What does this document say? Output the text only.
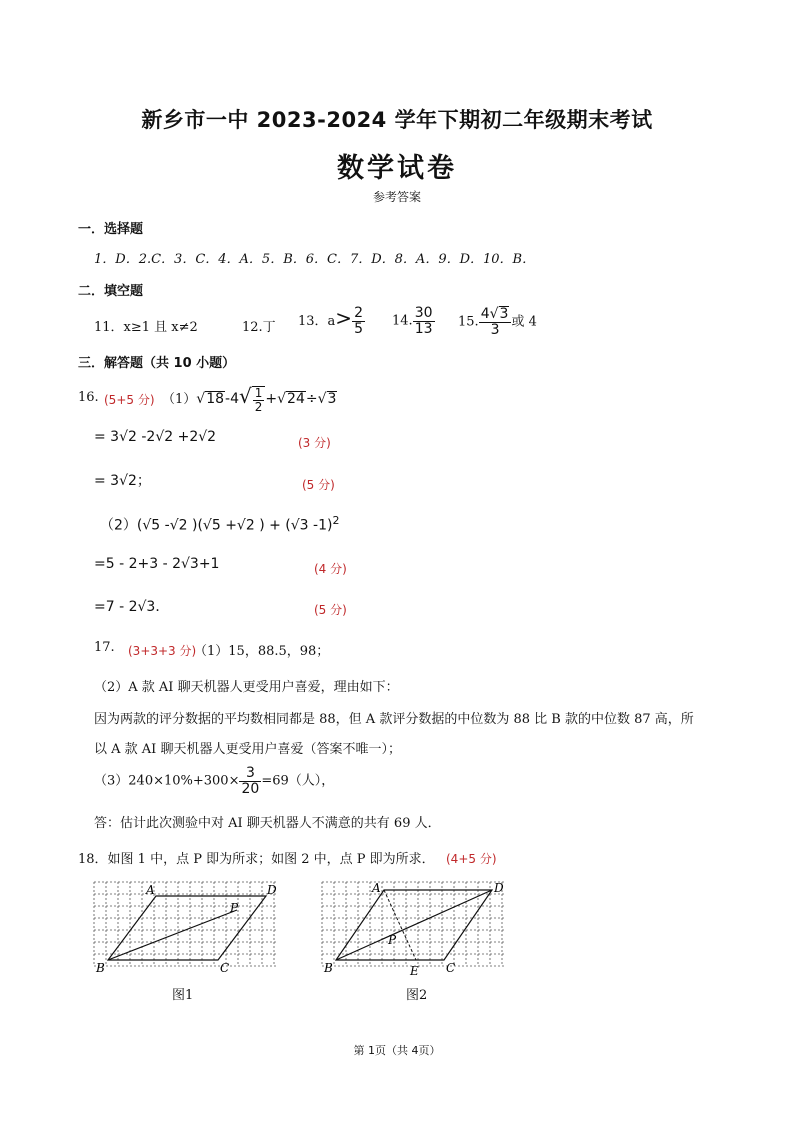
新乡市一中 2023-2024 学年下期初二年级期末考试
数学试卷
参考答案
一．选择题
1．D．2.C．3．C．4．A．5．B．6．C．7．D．8．A．9．D．10．B．
二．填空题
11．x≥1 且 x≠2	12.丁 13．$a> \frac{2}{5} 14$. $\frac{30}{13} 15$. $\frac{4√3}{3}$ 或 4
三．解答题（共 10 小题）
16. (5+5 分) $(1)√18-4√ \frac{1}{2} +√24\div√3$
= 3√2 -2√2 +2√2	(3 分)
= 3√2；	(5 分)
（2）(√5 -√2 )(√5 +√2 ) + (√3 -1)$^2$
=5 - 2+3 - 2√3+1	(4 分)
=7 - 2√3．	(5 分)
17. (3+3+3 分)
（1）15，88.5，98；
（2）A 款 AI 聊天机器人更受用户喜爱，理由如下：
因为两款的评分数据的平均数相同都是 88，但 A 款评分数据的中位数为 88 比 B 款的中位数 87 高，所
以 A 款 AI 聊天机器人更受用户喜爱（答案不唯一）；
$(3)240\times 10\%+300\times \frac{3}{20} =69$（人），
答：估计此次测验中对 AI 聊天机器人不满意的共有 69 人．
18．如图 1 中，点 P 即为所求；如图 2 中，点 P 即为所求． (4+5 分)
A	D
B	C
P
图1
A	D
B	C
P
E
图2
第 1页（共 4页）
